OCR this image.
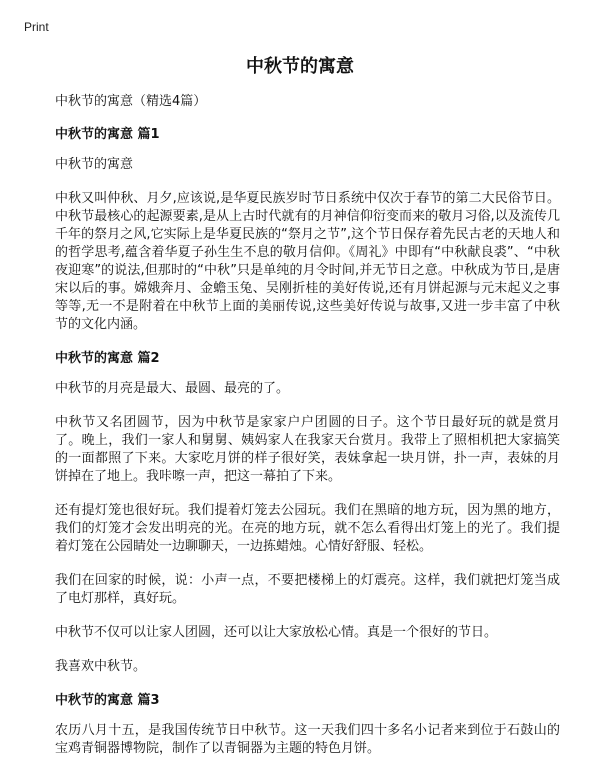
Print
中秋节的寓意

中秋节的寓意（精选4篇）

中秋节的寓意 篇1

中秋节的寓意

中秋又叫仲秋、月夕,应该说,是华夏民族岁时节日系统中仅次于春节的第二大民俗节日。中秋节最核心的起源要素,是从上古时代就有的月神信仰衍变而来的敬月习俗,以及流传几千年的祭月之风,它实际上是华夏民族的“祭月之节”,这个节日保存着先民古老的天地人和的哲学思考,蕴含着华夏子孙生生不息的敬月信仰。《周礼》中即有“中秋献良裘”、“中秋夜迎寒”的说法,但那时的“中秋”只是单纯的月令时间,并无节日之意。中秋成为节日,是唐宋以后的事。嫦娥奔月、金蟾玉兔、吴刚折桂的美好传说,还有月饼起源与元末起义之事等等,无一不是附着在中秋节上面的美丽传说,这些美好传说与故事,又进一步丰富了中秋节的文化内涵。

中秋节的寓意 篇2

中秋节的月亮是最大、最圆、最亮的了。

中秋节又名团圆节，因为中秋节是家家户户团圆的日子。这个节日最好玩的就是赏月了。晚上，我们一家人和舅舅、姨妈家人在我家天台赏月。我带上了照相机把大家搞笑的一面都照了下来。大家吃月饼的样子很好笑，表妹拿起一块月饼，扑一声，表妹的月饼掉在了地上。我咔嚓一声，把这一幕拍了下来。

还有提灯笼也很好玩。我们提着灯笼去公园玩。我们在黑暗的地方玩，因为黑的地方，我们的灯笼才会发出明亮的光。在亮的地方玩，就不怎么看得出灯笼上的光了。我们提着灯笼在公园睛处一边聊聊天，一边拣蜡烛。心情好舒服、轻松。

我们在回家的时候，说：小声一点，不要把楼梯上的灯震亮。这样，我们就把灯笼当成了电灯那样，真好玩。

中秋节不仅可以让家人团圆，还可以让大家放松心情。真是一个很好的节日。

我喜欢中秋节。

中秋节的寓意 篇3

农历八月十五，是我国传统节日中秋节。这一天我们四十多名小记者来到位于石鼓山的宝鸡青铜器博物院，制作了以青铜器为主题的特色月饼。
